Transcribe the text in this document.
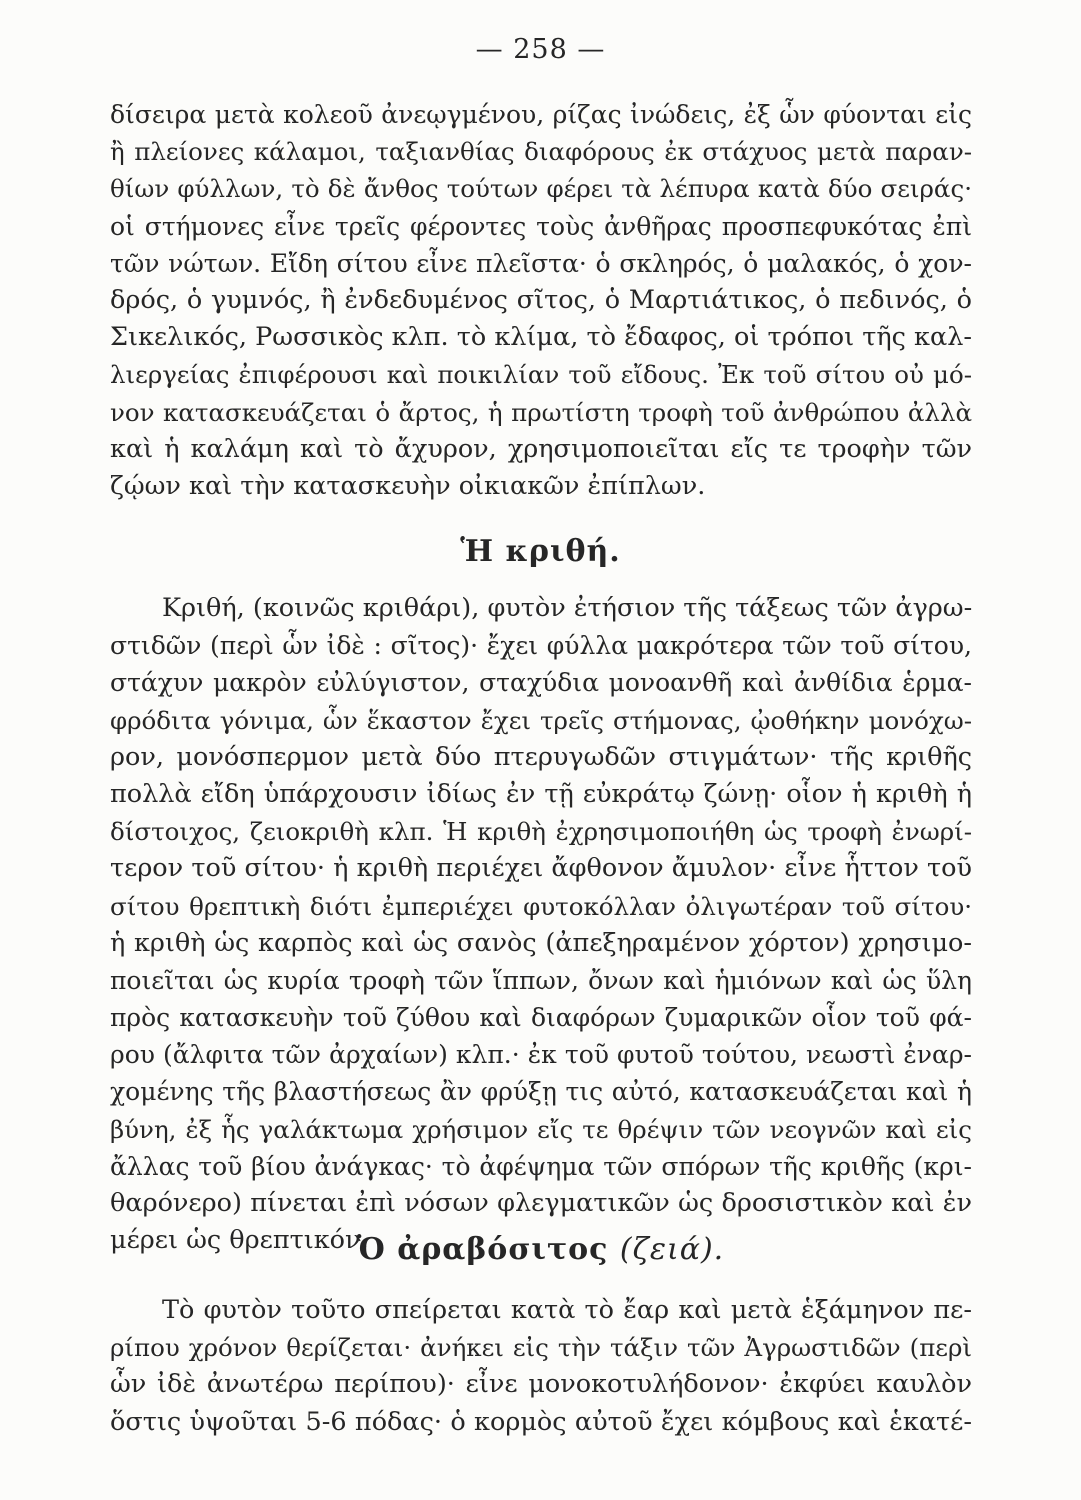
— 258 —
δίσειρα μετὰ κολεοῦ ἀνεῳγμένου, ρίζας ἰνώδεις, ἐξ ὧν φύονται εἰς
ἢ πλείονες κάλαμοι, ταξιανθίας διαφόρους ἐκ στάχυος μετὰ παραν-
θίων φύλλων, τὸ δὲ ἄνθος τούτων φέρει τὰ λέπυρα κατὰ δύο σειράς·
οἱ στήμονες εἶνε τρεῖς φέροντες τοὺς ἀνθῆρας προσπεφυκότας ἐπὶ
τῶν νώτων. Εἴδη σίτου εἶνε πλεῖστα· ὁ σκληρός, ὁ μαλακός, ὁ χον-
δρός, ὁ γυμνός, ἢ ἐνδεδυμένος σῖτος, ὁ Μαρτιάτικος, ὁ πεδινός, ὁ
Σικελικός, Ρωσσικὸς κλπ. τὸ κλίμα, τὸ ἔδαφος, οἱ τρόποι τῆς καλ-
λιεργείας ἐπιφέρουσι καὶ ποικιλίαν τοῦ εἴδους. Ἐκ τοῦ σίτου οὐ μό-
νον κατασκευάζεται ὁ ἄρτος, ἡ πρωτίστη τροφὴ τοῦ ἀνθρώπου ἀλλὰ
καὶ ἡ καλάμη καὶ τὸ ἄχυρον, χρησιμοποιεῖται εἴς τε τροφὴν τῶν
ζῴων καὶ τὴν κατασκευὴν οἰκιακῶν ἐπίπλων.
Ἡ κριθή.
Κριθή, (κοινῶς κριθάρι), φυτὸν ἐτήσιον τῆς τάξεως τῶν ἀγρω-
στιδῶν (περὶ ὧν ἰδὲ : σῖτος)· ἔχει φύλλα μακρότερα τῶν τοῦ σίτου,
στάχυν μακρὸν εὐλύγιστον, σταχύδια μονοανθῆ καὶ ἀνθίδια ἑρμα-
φρόδιτα γόνιμα, ὧν ἕκαστον ἔχει τρεῖς στήμονας, ᾠοθήκην μονόχω-
ρον, μονόσπερμον μετὰ δύο πτερυγωδῶν στιγμάτων· τῆς κριθῆς
πολλὰ εἴδη ὑπάρχουσιν ἰδίως ἐν τῇ εὐκράτῳ ζώνῃ· οἷον ἡ κριθὴ ἡ
δίστοιχος, ζειοκριθὴ κλπ. Ἡ κριθὴ ἐχρησιμοποιήθη ὡς τροφὴ ἐνωρί-
τερον τοῦ σίτου· ἡ κριθὴ περιέχει ἄφθονον ἄμυλον· εἶνε ἧττον τοῦ
σίτου θρεπτικὴ διότι ἐμπεριέχει φυτοκόλλαν ὀλιγωτέραν τοῦ σίτου·
ἡ κριθὴ ὡς καρπὸς καὶ ὡς σανὸς (ἀπεξηραμένον χόρτον) χρησιμο-
ποιεῖται ὡς κυρία τροφὴ τῶν ἵππων, ὄνων καὶ ἡμιόνων καὶ ὡς ὕλη
πρὸς κατασκευὴν τοῦ ζύθου καὶ διαφόρων ζυμαρικῶν οἷον τοῦ φά-
ρου (ἄλφιτα τῶν ἀρχαίων) κλπ.· ἐκ τοῦ φυτοῦ τούτου, νεωστὶ ἐναρ-
χομένης τῆς βλαστήσεως ἂν φρύξῃ τις αὐτό, κατασκευάζεται καὶ ἡ
βύνη, ἐξ ἧς γαλάκτωμα χρήσιμον εἴς τε θρέψιν τῶν νεογνῶν καὶ εἰς
ἄλλας τοῦ βίου ἀνάγκας· τὸ ἀφέψημα τῶν σπόρων τῆς κριθῆς (κρι-
θαρόνερο) πίνεται ἐπὶ νόσων φλεγματικῶν ὡς δροσιστικὸν καὶ ἐν
μέρει ὡς θρεπτικόν.
Ὁ ἀραβόσιτος (ζειά).
Τὸ φυτὸν τοῦτο σπείρεται κατὰ τὸ ἔαρ καὶ μετὰ ἑξάμηνον πε-
ρίπου χρόνον θερίζεται· ἀνήκει εἰς τὴν τάξιν τῶν Ἀγρωστιδῶν (περὶ
ὧν ἰδὲ ἀνωτέρω περίπου)· εἶνε μονοκοτυλήδονον· ἐκφύει καυλὸν
ὅστις ὑψοῦται 5-6 πόδας· ὁ κορμὸς αὐτοῦ ἔχει κόμβους καὶ ἑκατέ-
